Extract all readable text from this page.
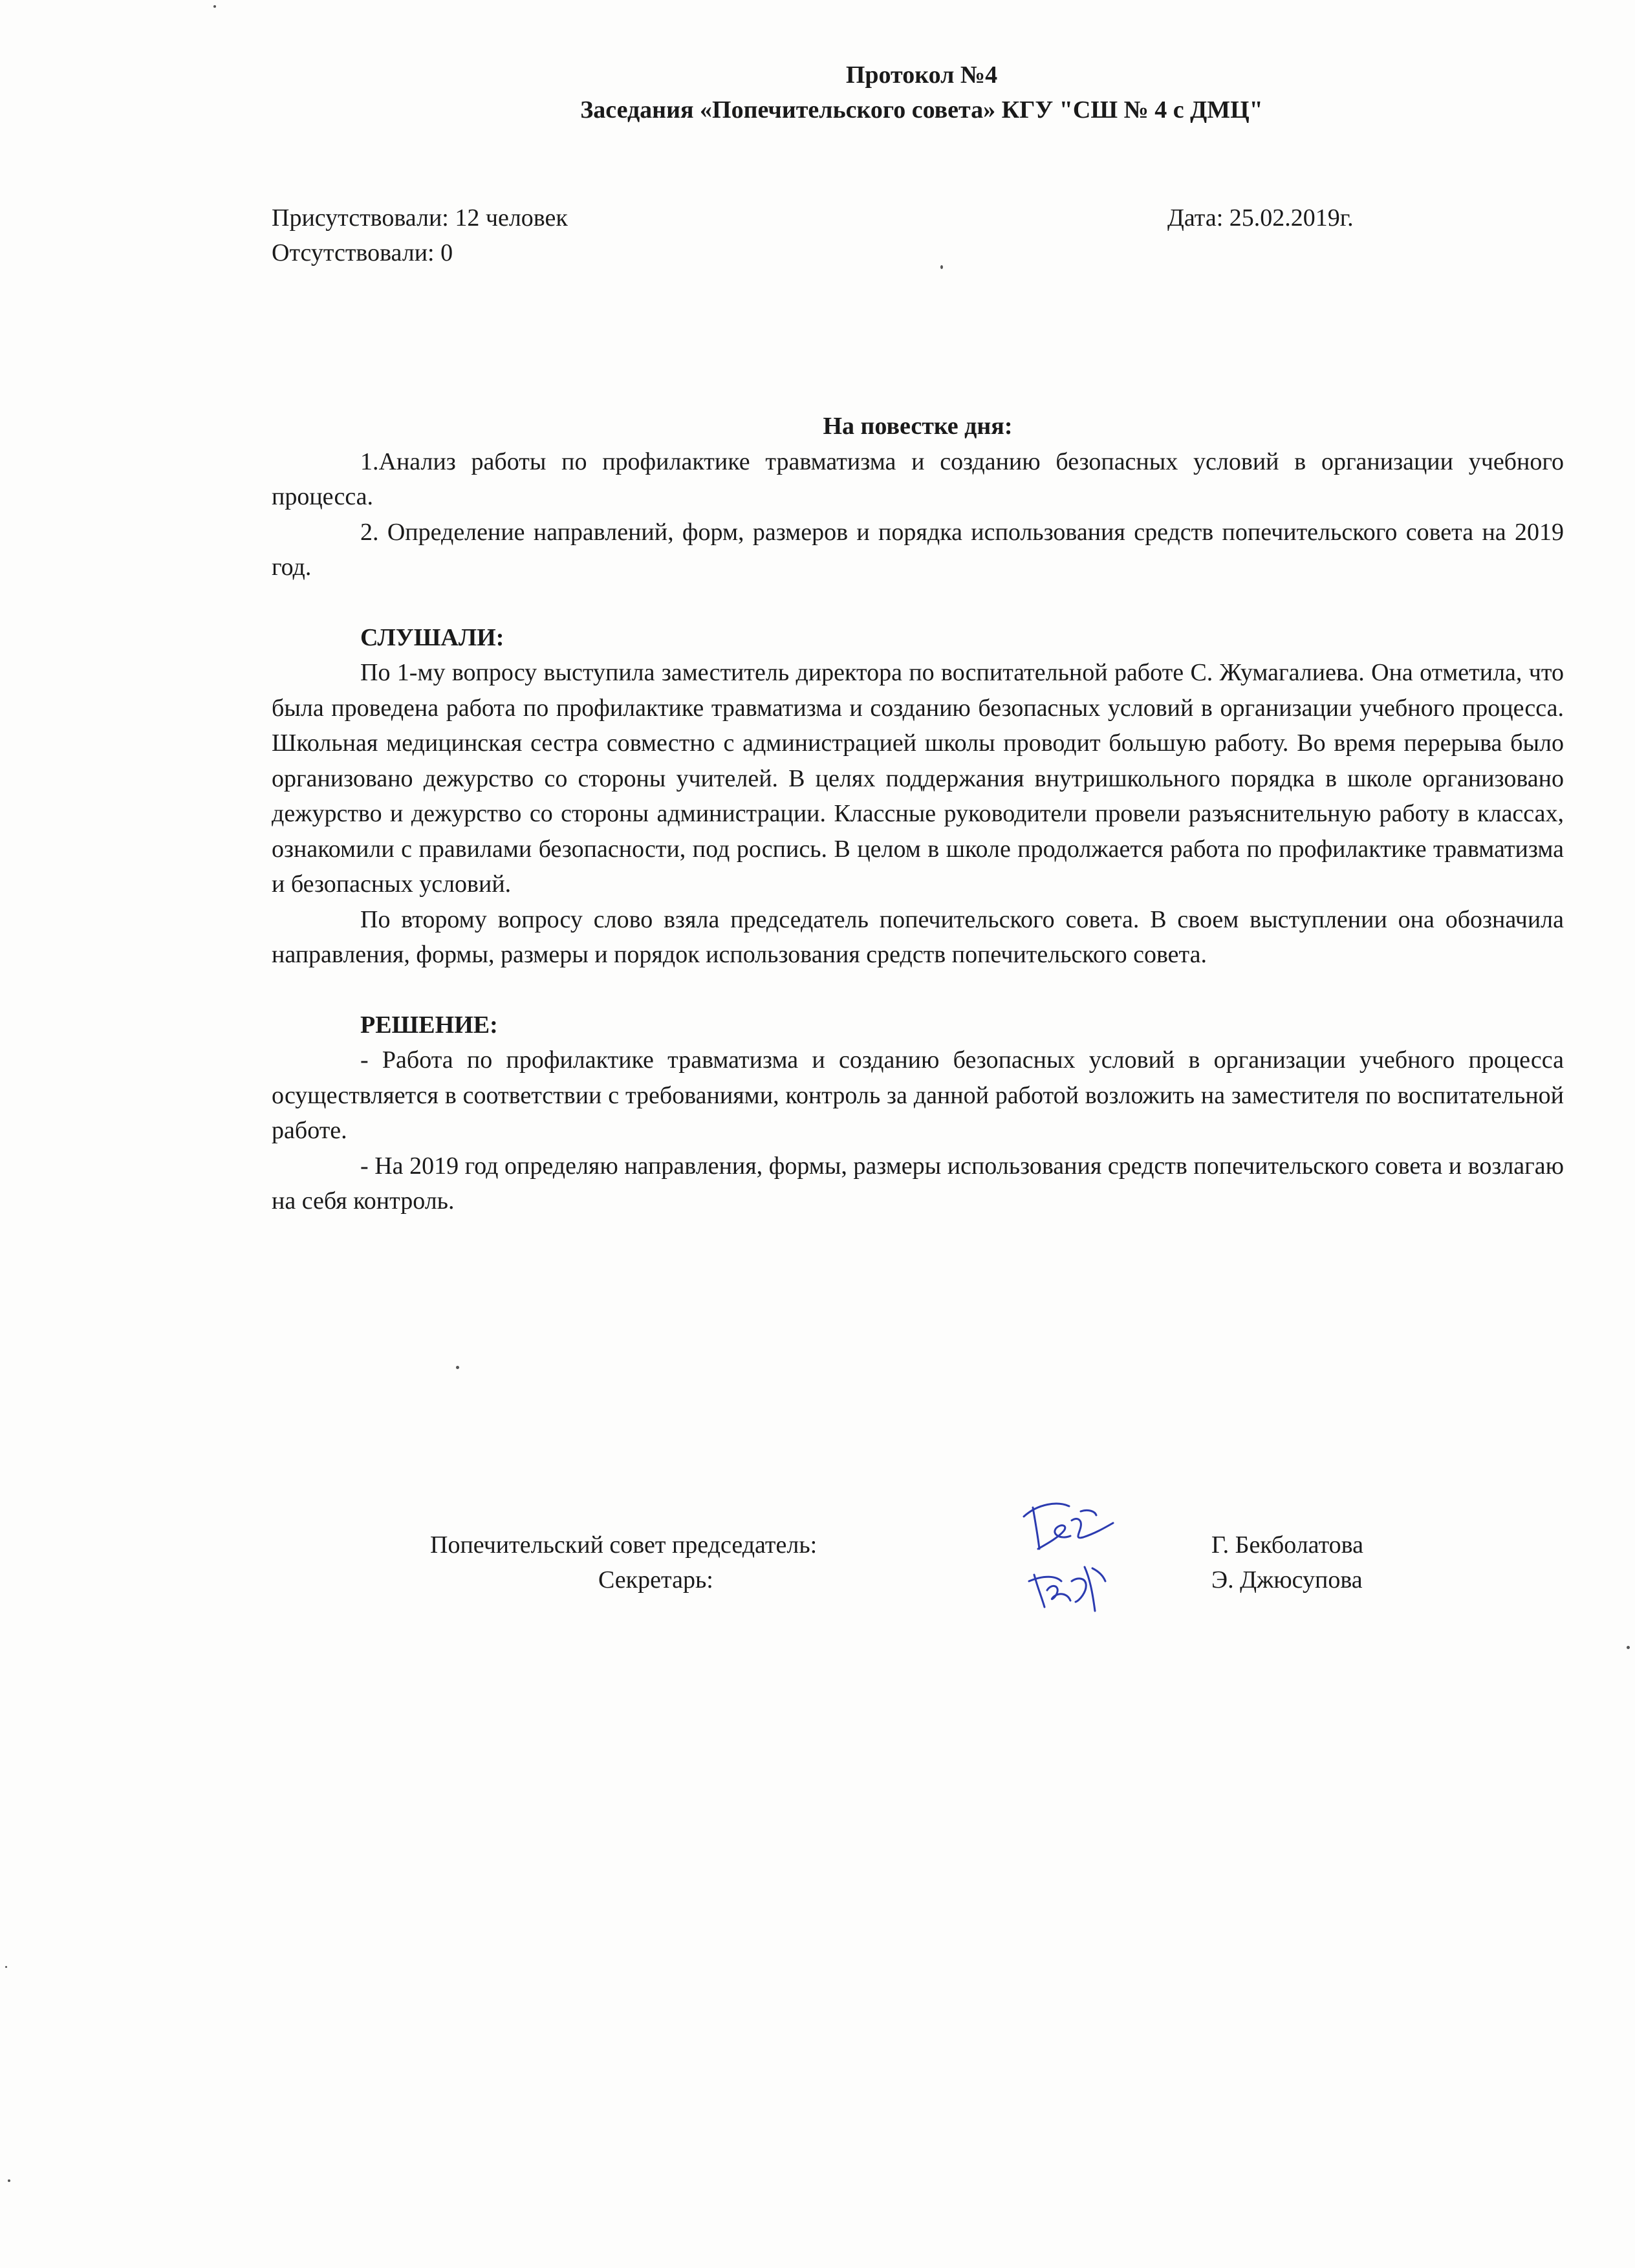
Протокол №4
Заседания «Попечительского совета» КГУ "СШ № 4 с ДМЦ"
Присутствовали: 12 человек
Отсутствовали: 0
Дата: 25.02.2019г.
На повестке дня:

1.Анализ работы по профилактике травматизма и созданию безопасных условий в организации учебного процесса.

2. Определение направлений, форм, размеров и порядка использования средств попечительского совета на 2019 год.

СЛУШАЛИ:

По 1-му вопросу выступила заместитель директора по воспитательной работе С. Жумагалиева. Она отметила, что была проведена работа по профилактике травматизма и созданию безопасных условий в организации учебного процесса. Школьная медицинская сестра совместно с администрацией школы проводит большую работу. Во время перерыва было организовано дежурство со стороны учителей. В целях поддержания внутришкольного порядка в школе организовано дежурство и дежурство со стороны администрации. Классные руководители провели разъяснительную работу в классах, ознакомили с правилами безопасности, под роспись. В целом в школе продолжается работа по профилактике травматизма и безопасных условий.

По второму вопросу слово взяла председатель попечительского совета. В своем выступлении она обозначила направления, формы, размеры и порядок использования средств попечительского совета.

РЕШЕНИЕ:

- Работа по профилактике травматизма и созданию безопасных условий в организации учебного процесса осуществляется в соответствии с требованиями, контроль за данной работой возложить на заместителя по воспитательной работе.

- На 2019 год определяю направления, формы, размеры использования средств попечительского совета и возлагаю на себя контроль.

Попечительский совет председатель:
Секретарь:
Г. Бекболатова
Э. Джюсупова
